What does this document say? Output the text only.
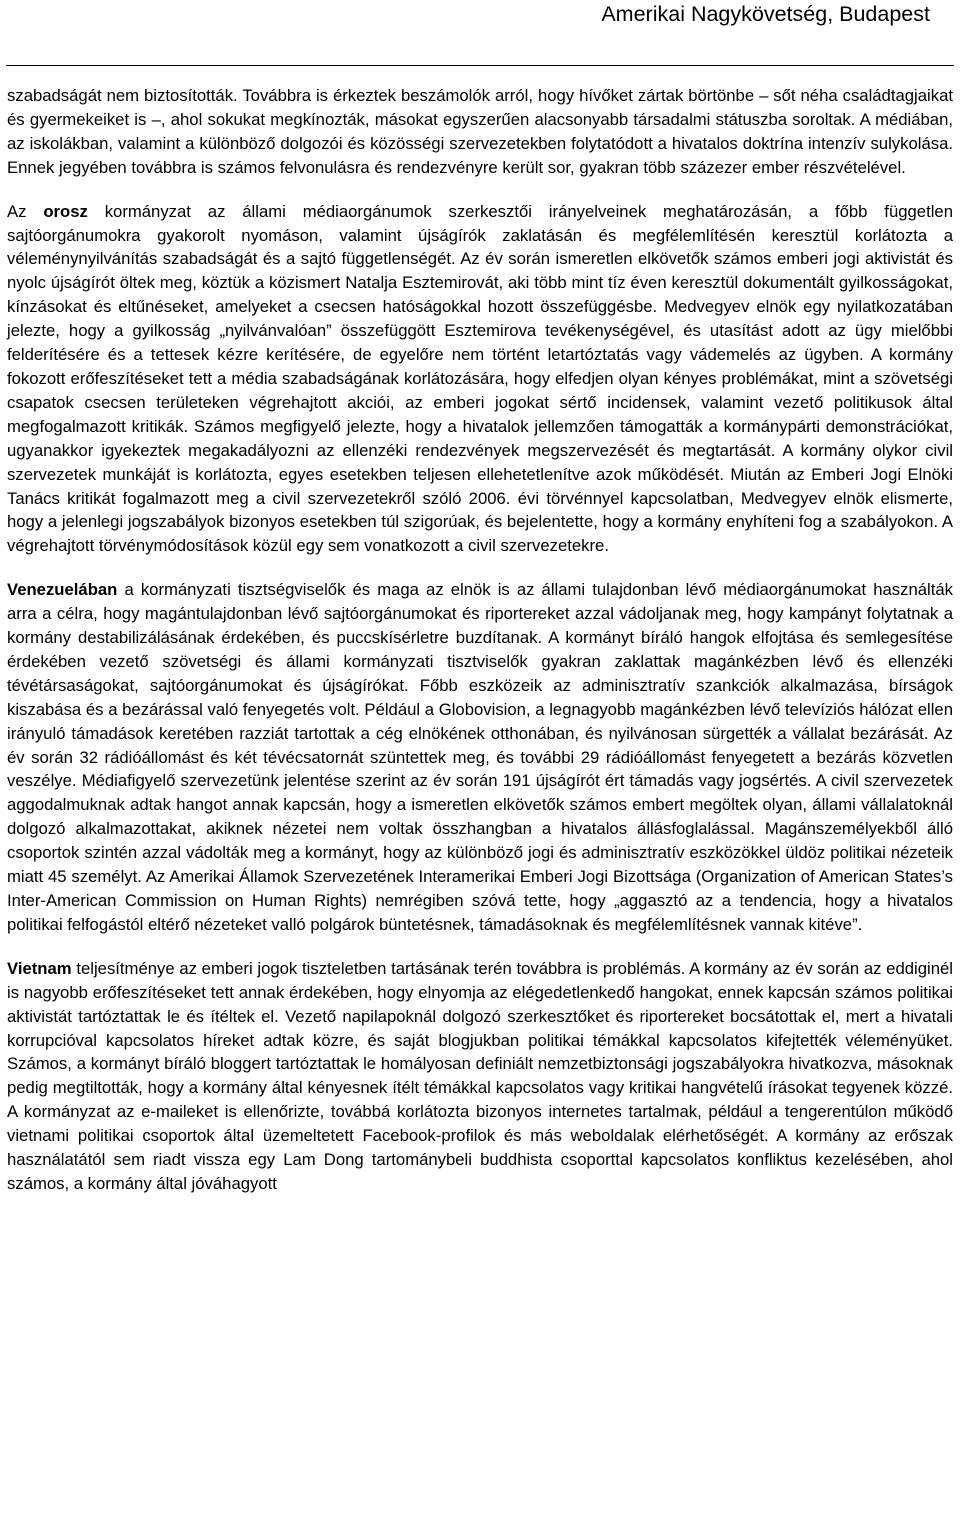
Amerikai Nagykövetség, Budapest

szabadságát nem biztosították. Továbbra is érkeztek beszámolók arról, hogy hívőket zártak börtönbe – sőt néha családtagjaikat és gyermekeiket is –, ahol sokukat megkínozták, másokat egyszerűen alacsonyabb társadalmi státuszba soroltak. A médiában, az iskolákban, valamint a különböző dolgozói és közösségi szervezetekben folytatódott a hivatalos doktrína intenzív sulykolása. Ennek jegyében továbbra is számos felvonulásra és rendezvényre került sor, gyakran több százezer ember részvételével.

Az orosz kormányzat az állami médiaorgánumok szerkesztői irányelveinek meghatározásán, a főbb független sajtóorgánumokra gyakorolt nyomáson, valamint újságírók zaklatásán és megfélemlítésén keresztül korlátozta a véleménynyilvánítás szabadságát és a sajtó függetlenségét. Az év során ismeretlen elkövetők számos emberi jogi aktivistát és nyolc újságírót öltek meg, köztük a közismert Natalja Esztemirovát, aki több mint tíz éven keresztül dokumentált gyilkosságokat, kínzásokat és eltűnéseket, amelyeket a csecsen hatóságokkal hozott összefüggésbe. Medvegyev elnök egy nyilatkozatában jelezte, hogy a gyilkosság „nyilvánvalóan” összefüggött Esztemirova tevékenységével, és utasítást adott az ügy mielőbbi felderítésére és a tettesek kézre kerítésére, de egyelőre nem történt letartóztatás vagy vádemelés az ügyben. A kormány fokozott erőfeszítéseket tett a média szabadságának korlátozására, hogy elfedjen olyan kényes problémákat, mint a szövetségi csapatok csecsen területeken végrehajtott akciói, az emberi jogokat sértő incidensek, valamint vezető politikusok által megfogalmazott kritikák. Számos megfigyelő jelezte, hogy a hivatalok jellemzően támogatták a kormánypárti demonstrációkat, ugyanakkor igyekeztek megakadályozni az ellenzéki rendezvények megszervezését és megtartását. A kormány olykor civil szervezetek munkáját is korlátozta, egyes esetekben teljesen ellehetetlenítve azok működését. Miután az Emberi Jogi Elnöki Tanács kritikát fogalmazott meg a civil szervezetekről szóló 2006. évi törvénnyel kapcsolatban, Medvegyev elnök elismerte, hogy a jelenlegi jogszabályok bizonyos esetekben túl szigorúak, és bejelentette, hogy a kormány enyhíteni fog a szabályokon. A végrehajtott törvénymódosítások közül egy sem vonatkozott a civil szervezetekre.

Venezuelában a kormányzati tisztségviselők és maga az elnök is az állami tulajdonban lévő médiaorgánumokat használták arra a célra, hogy magántulajdonban lévő sajtóorgánumokat és riportereket azzal vádoljanak meg, hogy kampányt folytatnak a kormány destabilizálásának érdekében, és puccskísérletre buzdítanak. A kormányt bíráló hangok elfojtása és semlegesítése érdekében vezető szövetségi és állami kormányzati tisztviselők gyakran zaklattak magánkézben lévő és ellenzéki tévétársaságokat, sajtóorgánumokat és újságírókat. Főbb eszközeik az adminisztratív szankciók alkalmazása, bírságok kiszabása és a bezárással való fenyegetés volt. Például a Globovision, a legnagyobb magánkézben lévő televíziós hálózat ellen irányuló támadások keretében razziát tartottak a cég elnökének otthonában, és nyilvánosan sürgették a vállalat bezárását. Az év során 32 rádióállomást és két tévécsatornát szüntettek meg, és további 29 rádióállomást fenyegetett a bezárás közvetlen veszélye. Médiafigyelő szervezetünk jelentése szerint az év során 191 újságírót ért támadás vagy jogsértés. A civil szervezetek aggodalmuknak adtak hangot annak kapcsán, hogy a ismeretlen elkövetők számos embert megöltek olyan, állami vállalatoknál dolgozó alkalmazottakat, akiknek nézetei nem voltak összhangban a hivatalos állásfoglalással. Magánszemélyekből álló csoportok szintén azzal vádolták meg a kormányt, hogy az különböző jogi és adminisztratív eszközökkel üldöz politikai nézeteik miatt 45 személyt. Az Amerikai Államok Szervezetének Interamerikai Emberi Jogi Bizottsága (Organization of American States’s Inter-American Commission on Human Rights) nemrégiben szóvá tette, hogy „aggasztó az a tendencia, hogy a hivatalos politikai felfogástól eltérő nézeteket valló polgárok büntetésnek, támadásoknak és megfélemlítésnek vannak kitéve”.

Vietnam teljesítménye az emberi jogok tiszteletben tartásának terén továbbra is problémás. A kormány az év során az eddiginél is nagyobb erőfeszítéseket tett annak érdekében, hogy elnyomja az elégedetlenkedő hangokat, ennek kapcsán számos politikai aktivistát tartóztattak le és ítéltek el. Vezető napilapoknál dolgozó szerkesztőket és riportereket bocsátottak el, mert a hivatali korrupcióval kapcsolatos híreket adtak közre, és saját blogjukban politikai témákkal kapcsolatos kifejtették véleményüket. Számos, a kormányt bíráló bloggert tartóztattak le homályosan definiált nemzetbiztonsági jogszabályokra hivatkozva, másoknak pedig megtiltották, hogy a kormány által kényesnek ítélt témákkal kapcsolatos vagy kritikai hangvételű írásokat tegyenek közzé. A kormányzat az e-maileket is ellenőrizte, továbbá korlátozta bizonyos internetes tartalmak, például a tengerentúlon működő vietnami politikai csoportok által üzemeltetett Facebook-profilok és más weboldalak elérhetőségét. A kormány az erőszak használatától sem riadt vissza egy Lam Dong tartománybeli buddhista csoporttal kapcsolatos konfliktus kezelésében, ahol számos, a kormány által jóváhagyott
